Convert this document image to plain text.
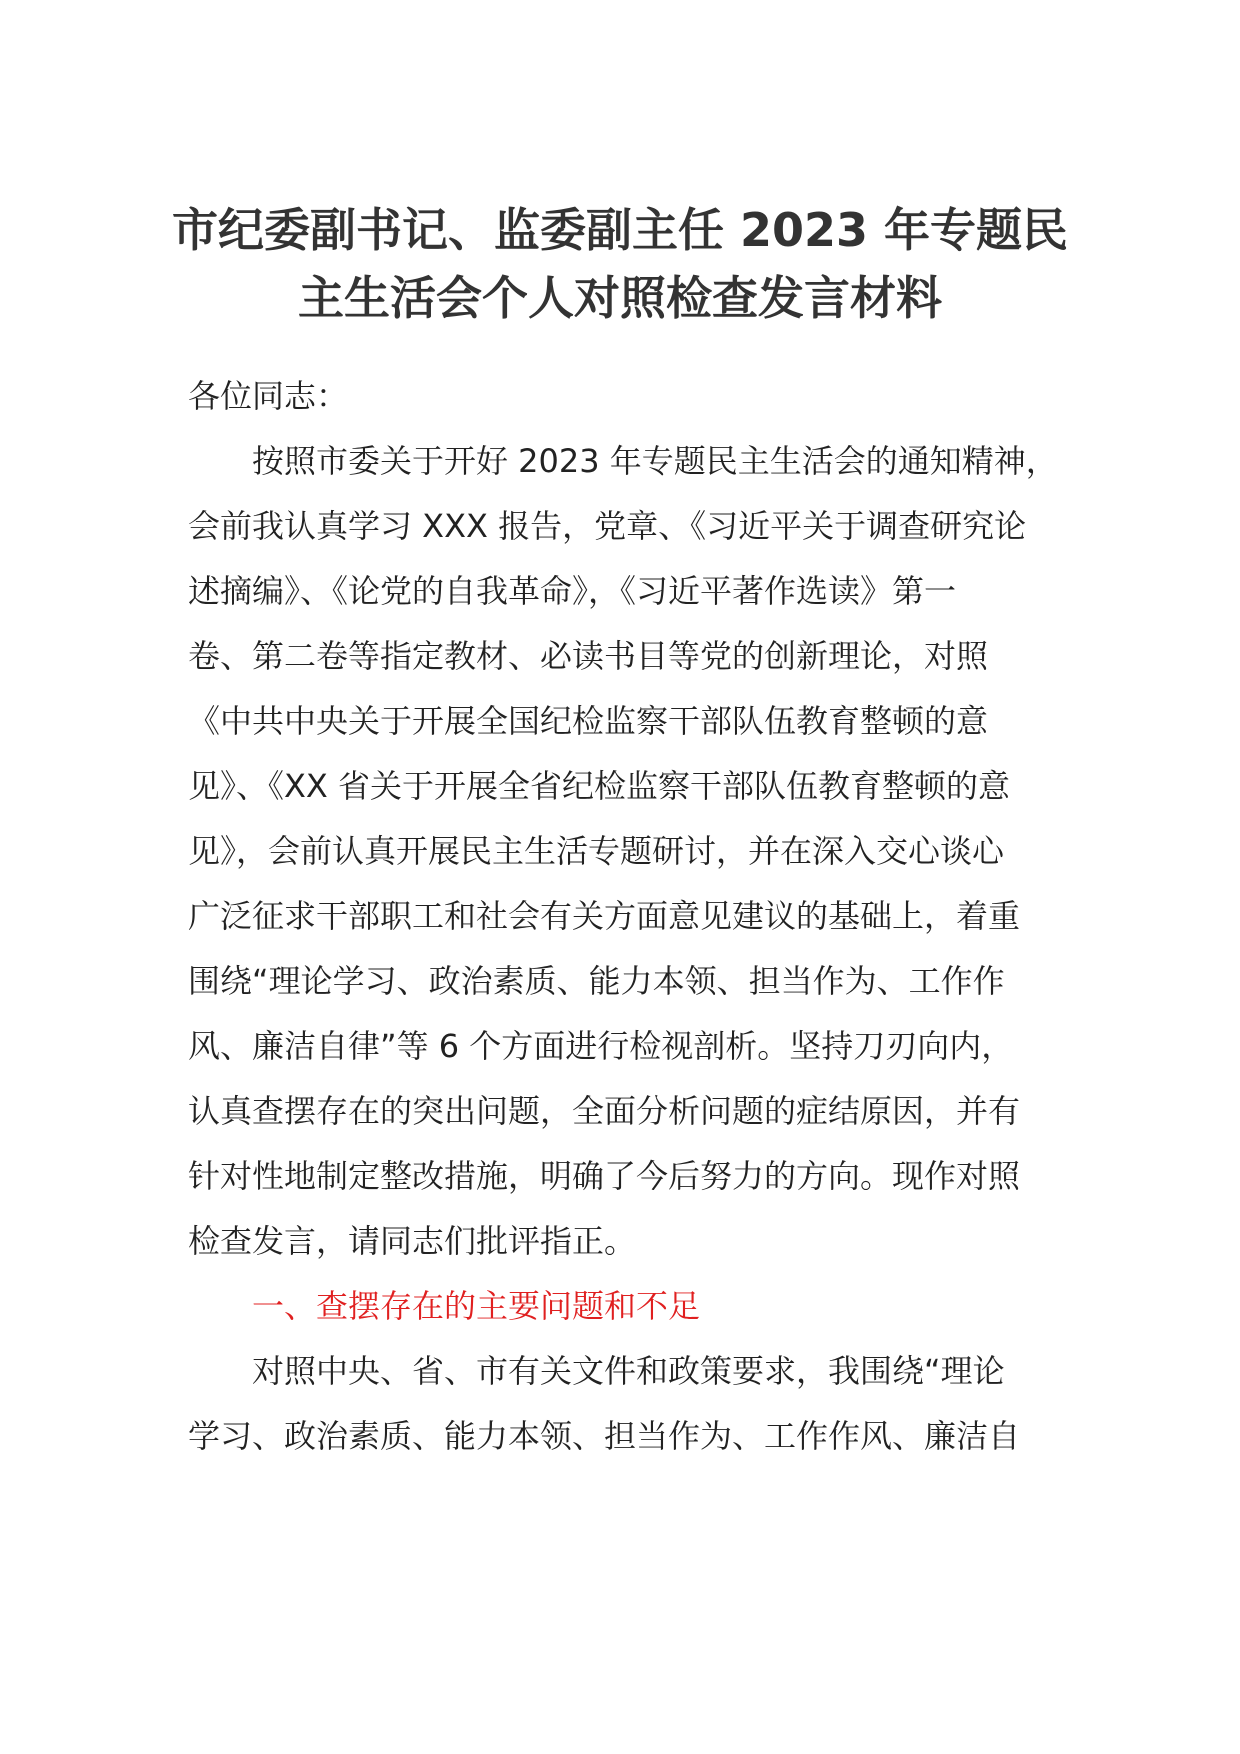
市纪委副书记、监委副主任 2023 年专题民
主生活会个人对照检查发言材料

各位同志：

按照市委关于开好 2023 年专题民主生活会的通知精神，
会前我认真学习 XXX 报告，党章、《习近平关于调查研究论
述摘编》、《论党的自我革命》，《习近平著作选读》第一
卷、第二卷等指定教材、必读书目等党的创新理论，对照
《中共中央关于开展全国纪检监察干部队伍教育整顿的意
见》、《XX 省关于开展全省纪检监察干部队伍教育整顿的意
见》，会前认真开展民主生活专题研讨，并在深入交心谈心
广泛征求干部职工和社会有关方面意见建议的基础上，着重
围绕“理论学习、政治素质、能力本领、担当作为、工作作
风、廉洁自律”等 6 个方面进行检视剖析。坚持刀刃向内，
认真查摆存在的突出问题，全面分析问题的症结原因，并有
针对性地制定整改措施，明确了今后努力的方向。现作对照
检查发言，请同志们批评指正。

一、查摆存在的主要问题和不足

对照中央、省、市有关文件和政策要求，我围绕“理论
学习、政治素质、能力本领、担当作为、工作作风、廉洁自
